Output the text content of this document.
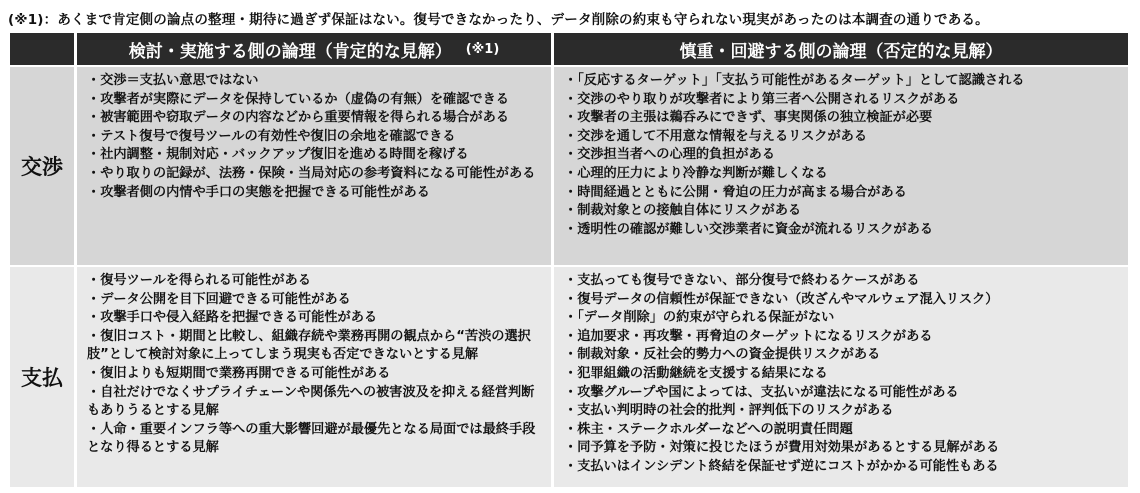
(※1)：あくまで肯定側の論点の整理・期待に過ぎず保証はない。復号できなかったり、データ削除の約束も守られない現実があったのは本調査の通りである。
検討・実施する側の論理（肯定的な見解） (※1)	慎重・回避する側の論理（否定的な見解）
交渉
・ 交渉＝支払い意思ではない
・ 攻撃者が実際にデータを保持しているか（虚偽の有無）を確認できる
・ 被害範囲や窃取データの内容などから重要情報を得られる場合がある
・ テスト復号で復号ツールの有効性や復旧の余地を確認できる
・ 社内調整・規制対応・バックアップ復旧を進める時間を稼げる
・ やり取りの記録が、法務・保険・当局対応の参考資料になる可能性がある
・ 攻撃者側の内情や手口の実態を把握できる可能性がある
・ 「反応するターゲット」「支払う可能性があるターゲット」として認識される
・ 交渉のやり取りが攻撃者により第三者へ公開されるリスクがある
・ 攻撃者の主張は鵜呑みにできず、事実関係の独立検証が必要
・ 交渉を通して不用意な情報を与えるリスクがある
・ 交渉担当者への心理的負担がある
・ 心理的圧力により冷静な判断が難しくなる
・ 時間経過とともに公開・脅迫の圧力が高まる場合がある
・ 制裁対象との接触自体にリスクがある
・ 透明性の確認が難しい交渉業者に資金が流れるリスクがある
支払
・ 復号ツールを得られる可能性がある
・ データ公開を目下回避できる可能性がある
・ 攻撃手口や侵入経路を把握できる可能性がある
・ 復旧コスト・期間と比較し、組織存続や業務再開の観点から“苦渋の選択肢”として検討対象に上ってしまう現実も否定できないとする見解
・ 復旧よりも短期間で業務再開できる可能性がある
・ 自社だけでなくサプライチェーンや関係先への被害波及を抑える経営判断もありうるとする見解
・ 人命・重要インフラ等への重大影響回避が最優先となる局面では最終手段となり得るとする見解
・ 支払っても復号できない、部分復号で終わるケースがある
・ 復号データの信頼性が保証できない（改ざんやマルウェア混入リスク）
・ 「データ削除」の約束が守られる保証がない
・ 追加要求・再攻撃・再脅迫のターゲットになるリスクがある
・ 制裁対象・反社会的勢力への資金提供リスクがある
・ 犯罪組織の活動継続を支援する結果になる
・ 攻撃グループや国によっては、支払いが違法になる可能性がある
・ 支払い判明時の社会的批判・評判低下のリスクがある
・ 株主・ステークホルダーなどへの説明責任問題
・ 同予算を予防・対策に投じたほうが費用対効果があるとする見解がある
・ 支払いはインシデント終結を保証せず逆にコストがかかる可能性もある
